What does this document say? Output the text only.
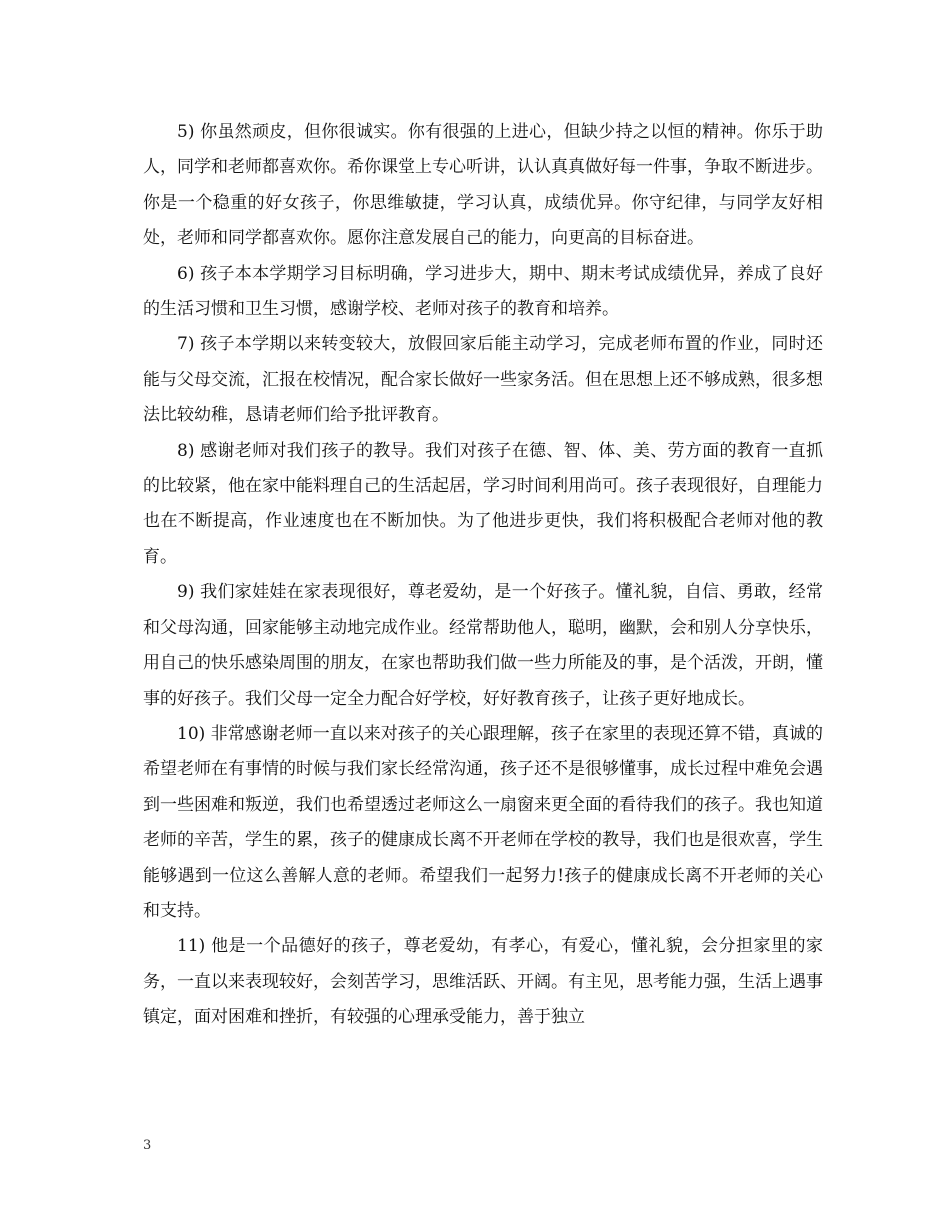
5) 你虽然顽皮，但你很诚实。你有很强的上进心，但缺少持之以恒的精神。你乐于助人，同学和老师都喜欢你。希你课堂上专心听讲，认认真真做好每一件事，争取不断进步。你是一个稳重的好女孩子，你思维敏捷，学习认真，成绩优异。你守纪律，与同学友好相处，老师和同学都喜欢你。愿你注意发展自己的能力，向更高的目标奋进。

6) 孩子本本学期学习目标明确，学习进步大，期中、期末考试成绩优异，养成了良好的生活习惯和卫生习惯，感谢学校、老师对孩子的教育和培养。

7) 孩子本学期以来转变较大，放假回家后能主动学习，完成老师布置的作业，同时还能与父母交流，汇报在校情况，配合家长做好一些家务活。但在思想上还不够成熟，很多想法比较幼稚，恳请老师们给予批评教育。

8) 感谢老师对我们孩子的教导。我们对孩子在德、智、体、美、劳方面的教育一直抓的比较紧，他在家中能料理自己的生活起居，学习时间利用尚可。孩子表现很好，自理能力也在不断提高，作业速度也在不断加快。为了他进步更快，我们将积极配合老师对他的教育。

9) 我们家娃娃在家表现很好，尊老爱幼，是一个好孩子。懂礼貌，自信、勇敢，经常和父母沟通，回家能够主动地完成作业。经常帮助他人，聪明，幽默，会和别人分享快乐，用自己的快乐感染周围的朋友，在家也帮助我们做一些力所能及的事，是个活泼，开朗，懂事的好孩子。我们父母一定全力配合好学校，好好教育孩子，让孩子更好地成长。

10) 非常感谢老师一直以来对孩子的关心跟理解，孩子在家里的表现还算不错，真诚的希望老师在有事情的时候与我们家长经常沟通，孩子还不是很够懂事，成长过程中难免会遇到一些困难和叛逆，我们也希望透过老师这么一扇窗来更全面的看待我们的孩子。我也知道老师的辛苦，学生的累，孩子的健康成长离不开老师在学校的教导，我们也是很欢喜，学生能够遇到一位这么善解人意的老师。希望我们一起努力!孩子的健康成长离不开老师的关心和支持。

11) 他是一个品德好的孩子，尊老爱幼，有孝心，有爱心，懂礼貌，会分担家里的家务，一直以来表现较好，会刻苦学习，思维活跃、开阔。有主见，思考能力强，生活上遇事镇定，面对困难和挫折，有较强的心理承受能力，善于独立

3
